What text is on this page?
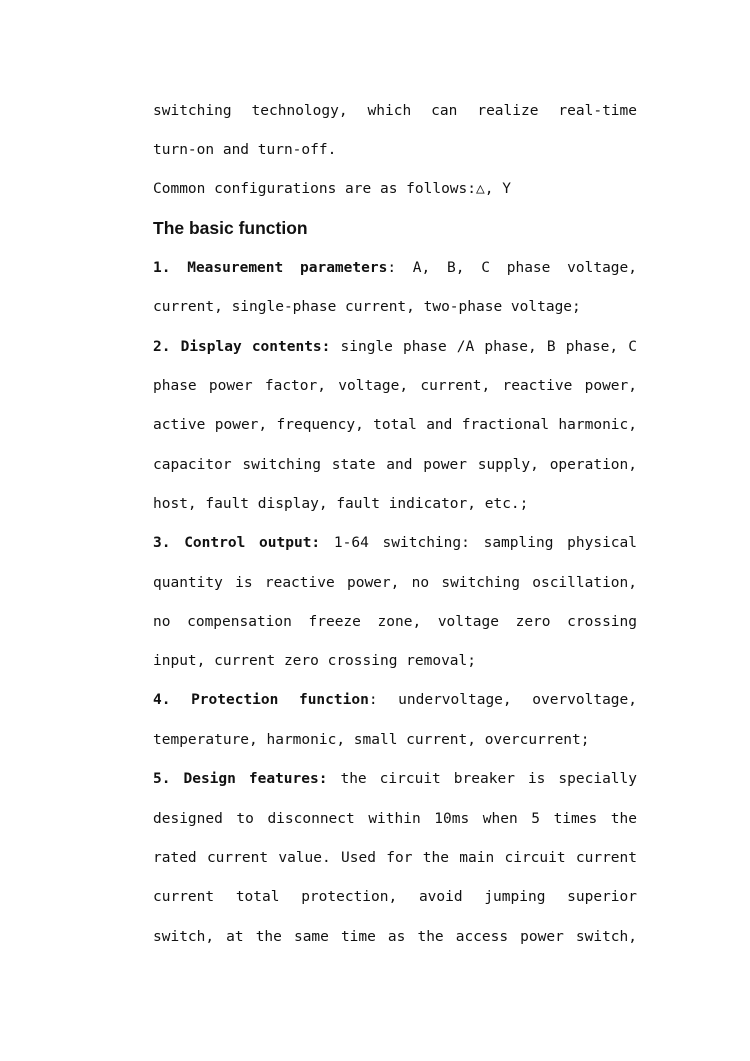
switching technology, which can realize real-time
turn-on and turn-off.
Common configurations are as follows:△, Y
The basic function
1. Measurement parameters: A, B, C phase voltage,
current, single-phase current, two-phase voltage;
2. Display contents: single phase /A phase, B phase, C
phase power factor, voltage, current, reactive power,
active power, frequency, total and fractional harmonic,
capacitor switching state and power supply, operation,
host, fault display, fault indicator, etc.;
3. Control output: 1-64 switching: sampling physical
quantity is reactive power, no switching oscillation,
no compensation freeze zone, voltage zero crossing
input, current zero crossing removal;
4. Protection function: undervoltage, overvoltage,
temperature, harmonic, small current, overcurrent;
5. Design features: the circuit breaker is specially
designed to disconnect within 10ms when 5 times the
rated current value. Used for the main circuit current
current total protection, avoid jumping superior
switch, at the same time as the access power switch,
